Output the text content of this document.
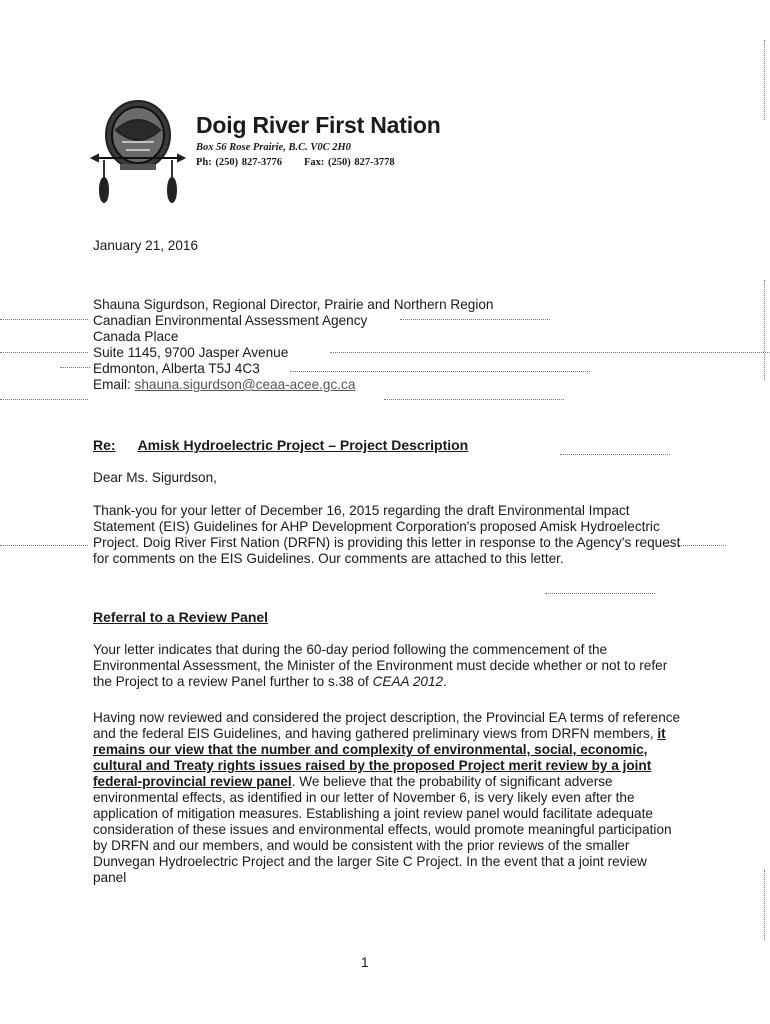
Doig River First Nation
Box 56 Rose Prairie, B.C. V0C 2H0
Ph: (250) 827-3776 Fax: (250) 827-3778
January 21, 2016
Shauna Sigurdson, Regional Director, Prairie and Northern Region
Canadian Environmental Assessment Agency
Canada Place
Suite 1145, 9700 Jasper Avenue
Edmonton, Alberta T5J 4C3
Email: shauna.sigurdson@ceaa-acee.gc.ca
Re: Amisk Hydroelectric Project – Project Description
Dear Ms. Sigurdson,
Thank-you for your letter of December 16, 2015 regarding the draft Environmental Impact Statement (EIS) Guidelines for AHP Development Corporation's proposed Amisk Hydroelectric Project. Doig River First Nation (DRFN) is providing this letter in response to the Agency's request for comments on the EIS Guidelines. Our comments are attached to this letter.
Referral to a Review Panel
Your letter indicates that during the 60-day period following the commencement of the Environmental Assessment, the Minister of the Environment must decide whether or not to refer the Project to a review Panel further to s.38 of CEAA 2012.
Having now reviewed and considered the project description, the Provincial EA terms of reference and the federal EIS Guidelines, and having gathered preliminary views from DRFN members, it remains our view that the number and complexity of environmental, social, economic, cultural and Treaty rights issues raised by the proposed Project merit review by a joint federal-provincial review panel. We believe that the probability of significant adverse environmental effects, as identified in our letter of November 6, is very likely even after the application of mitigation measures. Establishing a joint review panel would facilitate adequate consideration of these issues and environmental effects, would promote meaningful participation by DRFN and our members, and would be consistent with the prior reviews of the smaller Dunvegan Hydroelectric Project and the larger Site C Project. In the event that a joint review panel
1
